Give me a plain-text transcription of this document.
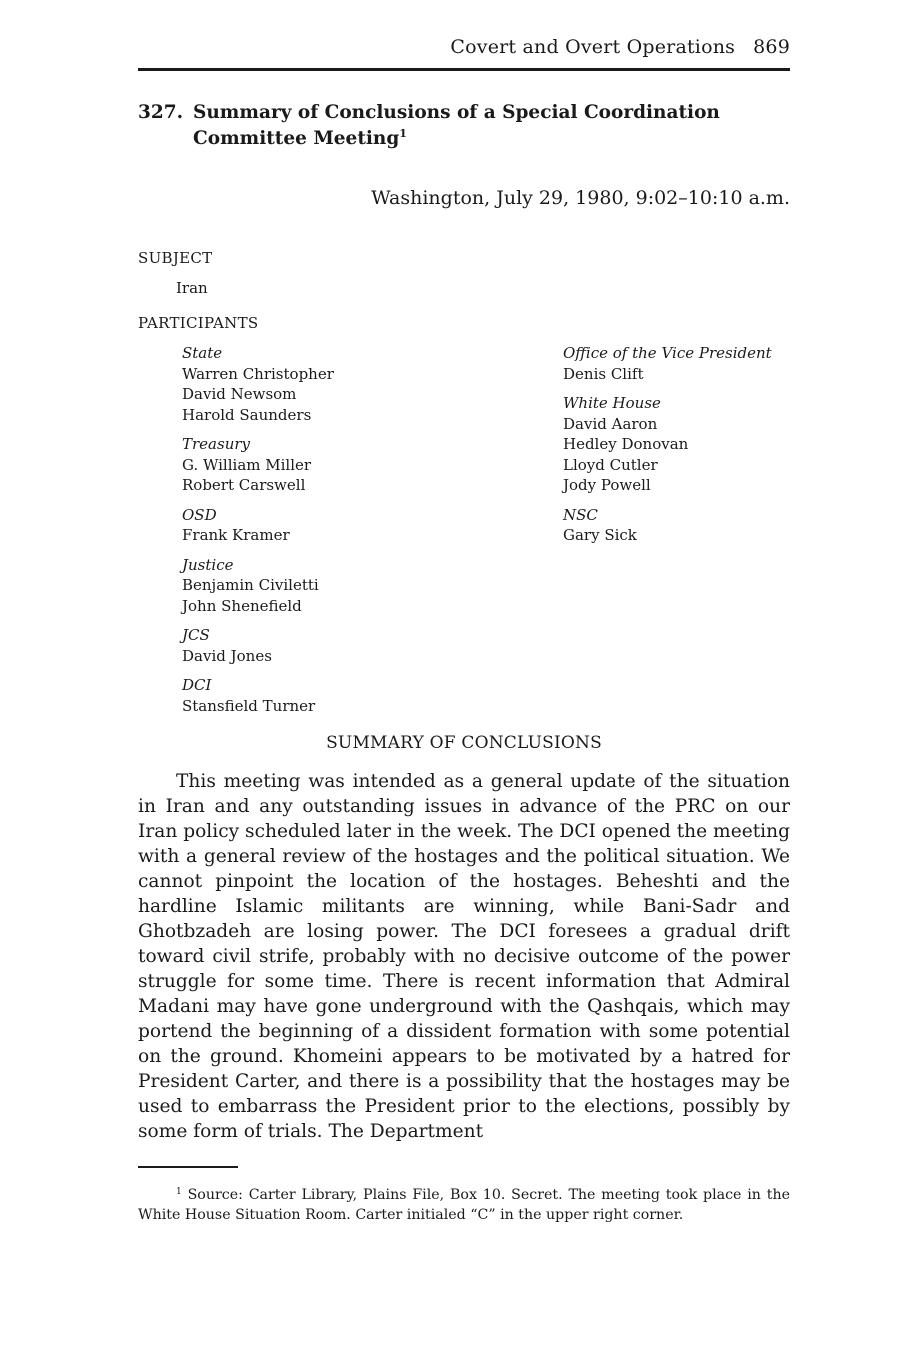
Covert and Overt Operations 869
327. Summary of Conclusions of a Special Coordination Committee Meeting$^1$
Washington, July 29, 1980, 9:02–10:10 a.m.
SUBJECT
Iran
PARTICIPANTS
State
Warren Christopher
David Newsom
Harold Saunders
Treasury
G. William Miller
Robert Carswell
OSD
Frank Kramer
Justice
Benjamin Civiletti
John Shenefield
JCS
David Jones
DCI
Stansfield Turner
Office of the Vice President
Denis Clift
White House
David Aaron
Hedley Donovan
Lloyd Cutler
Jody Powell
NSC
Gary Sick
SUMMARY OF CONCLUSIONS

This meeting was intended as a general update of the situation in Iran and any outstanding issues in advance of the PRC on our Iran policy scheduled later in the week. The DCI opened the meeting with a general review of the hostages and the political situation. We cannot pinpoint the location of the hostages. Beheshti and the hardline Islamic militants are winning, while Bani-Sadr and Ghotbzadeh are losing power. The DCI foresees a gradual drift toward civil strife, probably with no decisive outcome of the power struggle for some time. There is recent information that Admiral Madani may have gone underground with the Qashqais, which may portend the beginning of a dissident formation with some potential on the ground. Khomeini appears to be motivated by a hatred for President Carter, and there is a possibility that the hostages may be used to embarrass the President prior to the elections, possibly by some form of trials. The Department

$^1$ Source: Carter Library, Plains File, Box 10. Secret. The meeting took place in the White House Situation Room. Carter initialed “C” in the upper right corner.
